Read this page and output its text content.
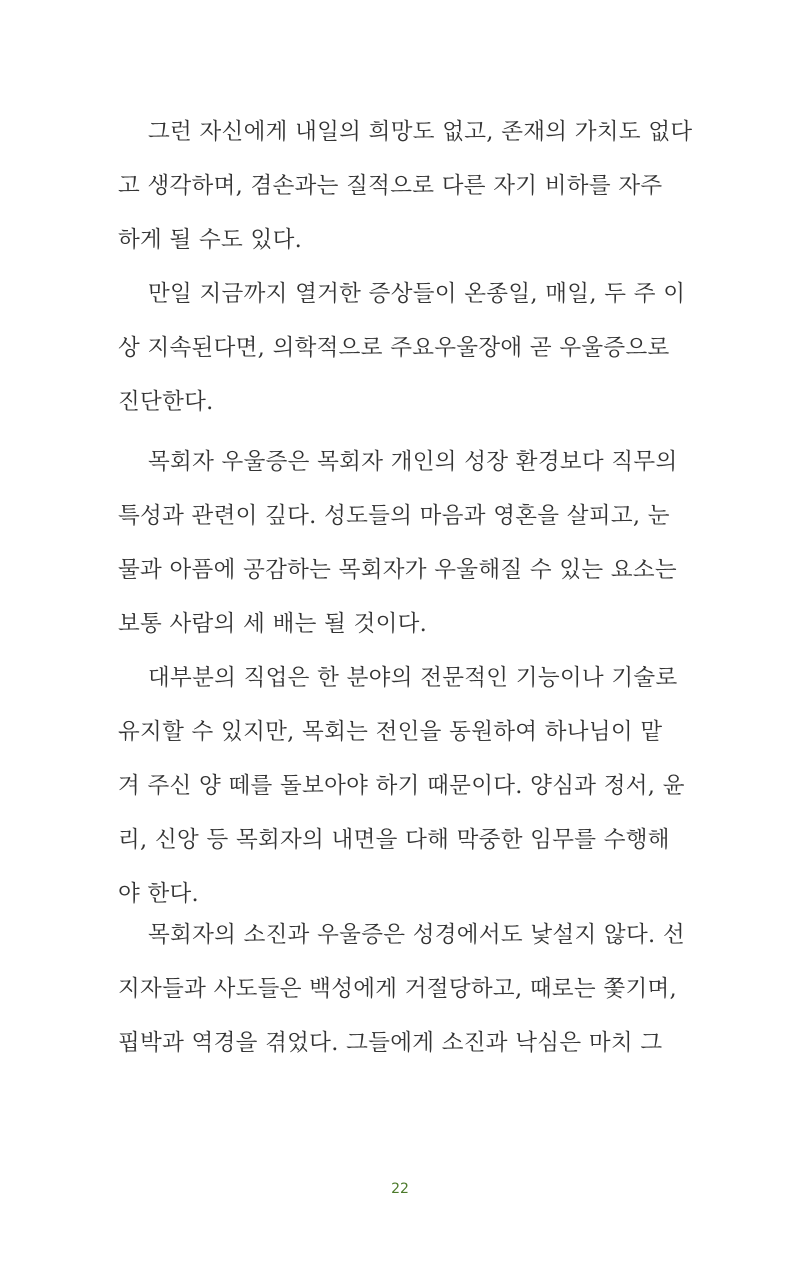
그런 자신에게 내일의 희망도 없고, 존재의 가치도 없다
고 생각하며, 겸손과는 질적으로 다른 자기 비하를 자주
하게 될 수도 있다.
만일 지금까지 열거한 증상들이 온종일, 매일, 두 주 이
상 지속된다면, 의학적으로 주요우울장애 곧 우울증으로
진단한다.
목회자 우울증은 목회자 개인의 성장 환경보다 직무의
특성과 관련이 깊다. 성도들의 마음과 영혼을 살피고, 눈
물과 아픔에 공감하는 목회자가 우울해질 수 있는 요소는
보통 사람의 세 배는 될 것이다.
대부분의 직업은 한 분야의 전문적인 기능이나 기술로
유지할 수 있지만, 목회는 전인을 동원하여 하나님이 맡
겨 주신 양 떼를 돌보아야 하기 때문이다. 양심과 정서, 윤
리, 신앙 등 목회자의 내면을 다해 막중한 임무를 수행해
야 한다.
목회자의 소진과 우울증은 성경에서도 낯설지 않다. 선
지자들과 사도들은 백성에게 거절당하고, 때로는 쫓기며,
핍박과 역경을 겪었다. 그들에게 소진과 낙심은 마치 그
22
